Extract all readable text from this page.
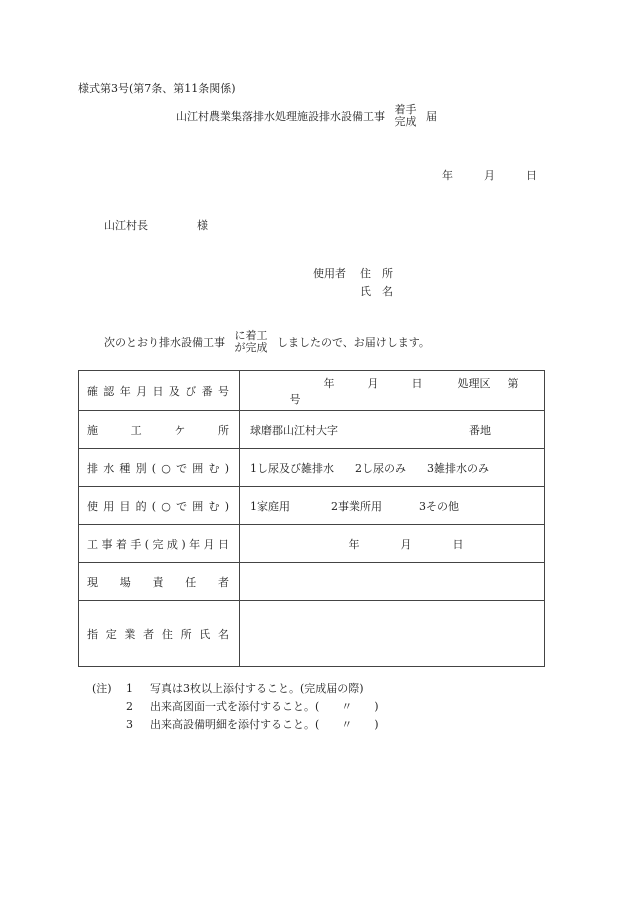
様式第3号(第7条、第11条関係)
山江村農業集落排水処理施設排水設備工事
着手
完成 届
年	月	日
山江村長	様
使用者 住　所
氏　名
次のとおり排水設備工事
に着工
が完成 しましたので、お届けします。
確認年月日及び番号	年 月 日 処理区 第  号

施工ケ所	球磨郡山江村大字 番地

排水種別(○で囲む)	1し尿及び雑排水 2し尿のみ 3雑排水のみ

使用目的(○で囲む)	1家庭用 2事業所用 3その他

工事着手(完成)年月日	年 月 日

現場責任者	

指定業者住所氏名	

(注) 1 写真は3枚以上添付すること。(完成届の際)
2 出来高図面一式を添付すること。(　　〃　　)
3 出来高設備明細を添付すること。(　　〃　　)
